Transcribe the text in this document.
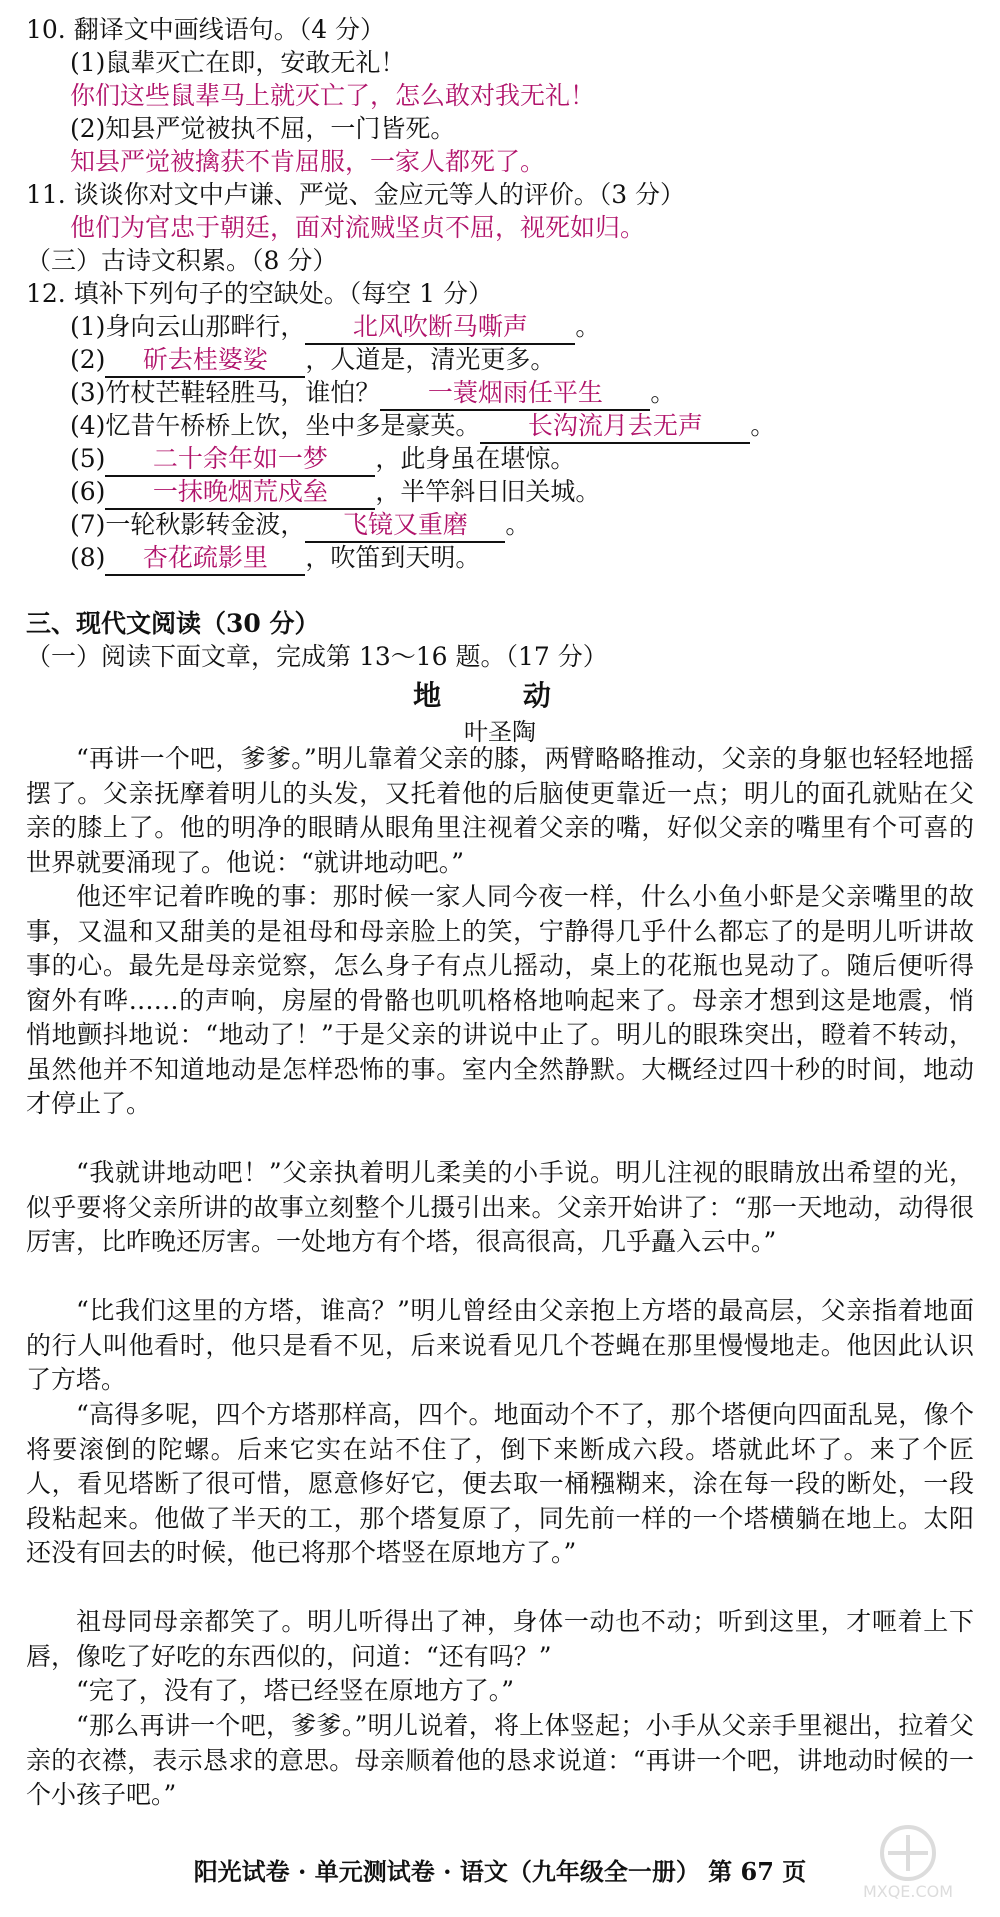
10. 翻译文中画线语句。（4 分）
(1)鼠辈灭亡在即，安敢无礼！
你们这些鼠辈马上就灭亡了，怎么敢对我无礼！
(2)知县严觉被执不屈，一门皆死。
知县严觉被擒获不肯屈服，一家人都死了。
11. 谈谈你对文中卢谦、严觉、金应元等人的评价。（3 分）
他们为官忠于朝廷，面对流贼坚贞不屈，视死如归。
（三）古诗文积累。（8 分）
12. 填补下列句子的空缺处。（每空 1 分）
(1)身向云山那畔行， 北风吹断马嘶声 。
(2) 斫去桂婆娑 ，人道是，清光更多。
(3)竹杖芒鞋轻胜马，谁怕？ 一蓑烟雨任平生 。
(4)忆昔午桥桥上饮，坐中多是豪英。 长沟流月去无声 。
(5) 二十余年如一梦 ，此身虽在堪惊。
(6) 一抹晚烟荒戍垒 ，半竿斜日旧关城。
(7)一轮秋影转金波， 飞镜又重磨 。
(8) 杏花疏影里 ，吹笛到天明。
三、现代文阅读（30 分）
（一）阅读下面文章，完成第 13～16 题。（17 分）
地 动
叶圣陶
“再讲一个吧，爹爹。”明儿靠着父亲的膝，两臂略略推动，父亲的身躯也轻轻地摇摆了。父亲抚摩着明儿的头发，又托着他的后脑使更靠近一点；明儿的面孔就贴在父亲的膝上了。他的明净的眼睛从眼角里注视着父亲的嘴，好似父亲的嘴里有个可喜的世界就要涌现了。他说：“就讲地动吧。”
他还牢记着昨晚的事：那时候一家人同今夜一样，什么小鱼小虾是父亲嘴里的故事，又温和又甜美的是祖母和母亲脸上的笑，宁静得几乎什么都忘了的是明儿听讲故事的心。最先是母亲觉察，怎么身子有点儿摇动，桌上的花瓶也晃动了。随后便听得窗外有哗……的声响，房屋的骨骼也叽叽格格地响起来了。母亲才想到这是地震，悄悄地颤抖地说：“地动了！”于是父亲的讲说中止了。明儿的眼珠突出，瞪着不转动，虽然他并不知道地动是怎样恐怖的事。室内全然静默。大概经过四十秒的时间，地动才停止了。
“我就讲地动吧！”父亲执着明儿柔美的小手说。明儿注视的眼睛放出希望的光，似乎要将父亲所讲的故事立刻整个儿摄引出来。父亲开始讲了：“那一天地动，动得很厉害，比昨晚还厉害。一处地方有个塔，很高很高，几乎矗入云中。”
“比我们这里的方塔，谁高？”明儿曾经由父亲抱上方塔的最高层，父亲指着地面的行人叫他看时，他只是看不见，后来说看见几个苍蝇在那里慢慢地走。他因此认识了方塔。
“高得多呢，四个方塔那样高，四个。地面动个不了，那个塔便向四面乱晃，像个将要滚倒的陀螺。后来它实在站不住了，倒下来断成六段。塔就此坏了。来了个匠人，看见塔断了很可惜，愿意修好它，便去取一桶糨糊来，涂在每一段的断处，一段段粘起来。他做了半天的工，那个塔复原了，同先前一样的一个塔横躺在地上。太阳还没有回去的时候，他已将那个塔竖在原地方了。”
祖母同母亲都笑了。明儿听得出了神，身体一动也不动；听到这里，才咂着上下唇，像吃了好吃的东西似的，问道：“还有吗？”
“完了，没有了，塔已经竖在原地方了。”
“那么再讲一个吧，爹爹。”明儿说着，将上体竖起；小手从父亲手里褪出，拉着父亲的衣襟，表示恳求的意思。母亲顺着他的恳求说道：“再讲一个吧，讲地动时候的一个小孩子吧。”
阳光试卷 · 单元测试卷 · 语文（九年级全一册） 第 67 页
MXQE.COM
